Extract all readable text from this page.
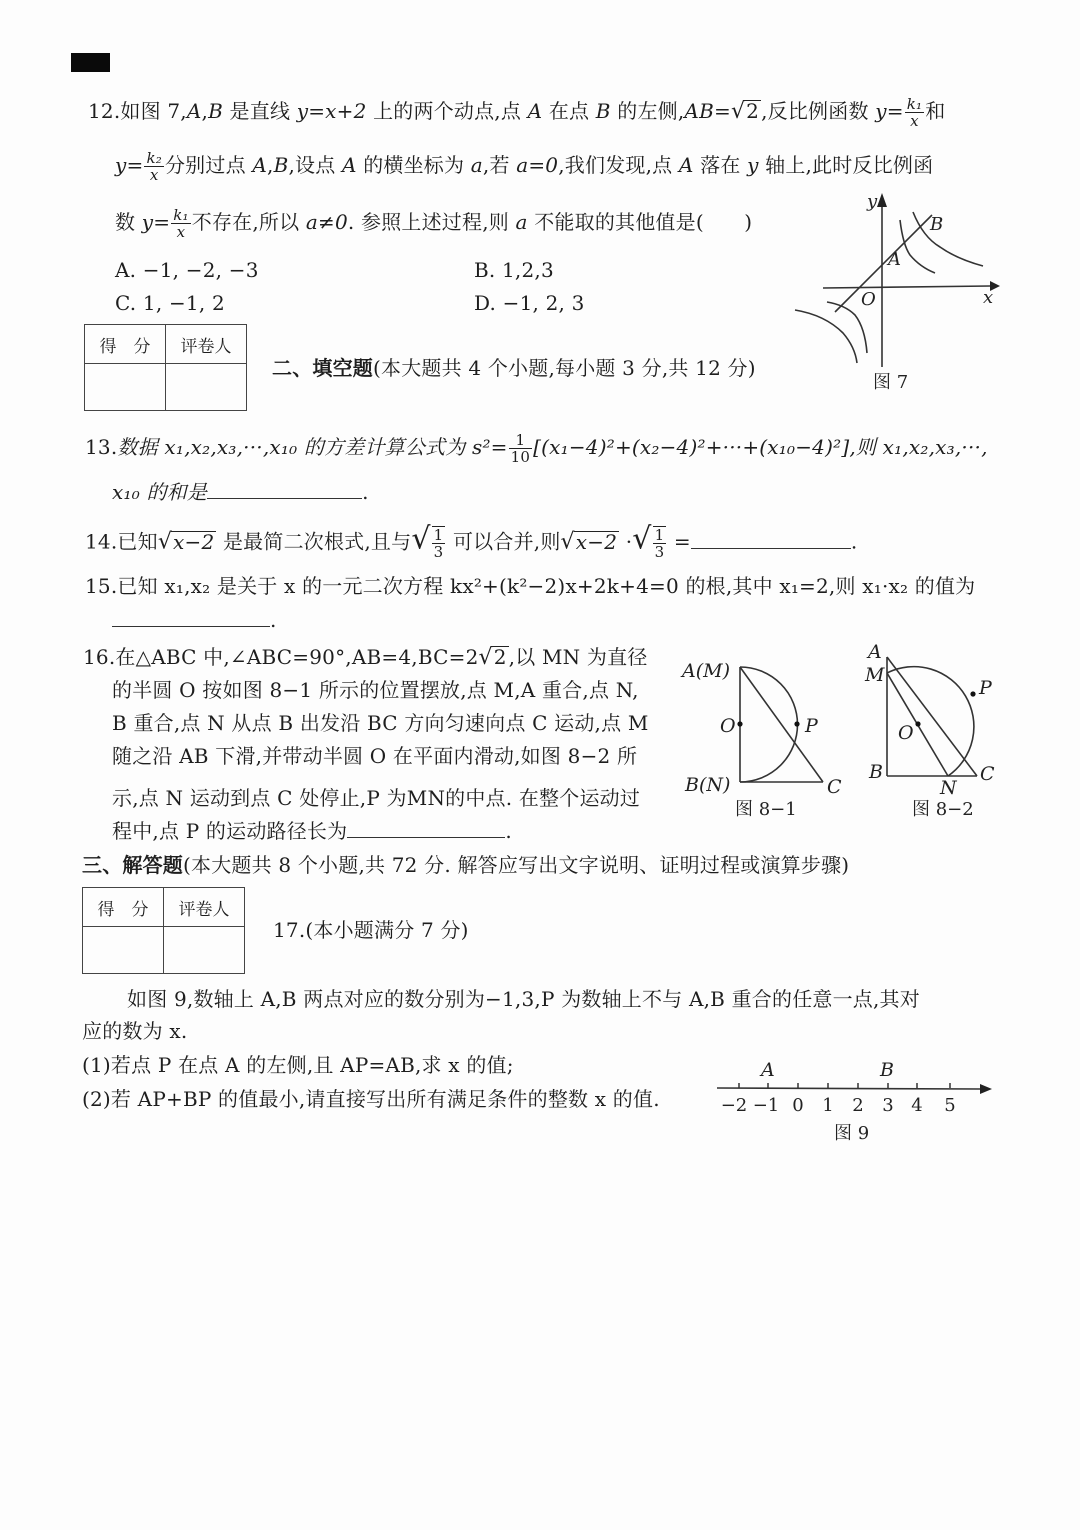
12.如图 7,A,B 是直线 y=x+2 上的两个动点,点 A 在点 B 的左侧,AB=√2 ,反比例函数 $y= \frac{\text{k₁}}{x}$ 和
$y= \frac{\text{k₂}}{x}$ 分别过点 A,B,设点 A 的横坐标为 a,若 a=0,我们发现,点 A 落在 y 轴上,此时反比例函
数 $y= \frac{\text{k₁}}{x}$ 不存在,所以 a≠0. 参照上述过程,则 a 不能取的其他值是(  )
A. −1, −2, −3	B. 1,2,3
C. 1, −1, 2	D. −1, 2, 3
y
x
O
A
B
图 7
得 分	评卷人

二、填空题(本大题共 4 个小题,每小题 3 分,共 12 分)
13.数据 x₁,x₂,x₃,···,x₁₀ 的方差计算公式为 $s^2= \frac{1}{10} [(x_1-4)^2+(x_2-4)^2+\cdot\cdot\cdot+(x_{10}-4)^2]$,则 x₁,x₂,x₃,···,
x₁₀ 的和是	.
14.已知√x−2 是最简二次根式,且与√ $\frac{1}{3}$ 可以合并,则√x−2 ·√ $\frac{1}{3}$ =	.
15.已知 x₁,x₂ 是关于 x 的一元二次方程 kx²+(k²−2)x+2k+4=0 的根,其中 x₁=2,则 x₁·x₂ 的值为
.
16.在△ABC 中,∠ABC=90°,AB=4,BC=2√2 ,以 MN 为直径
的半圆 O 按如图 8−1 所示的位置摆放,点 M,A 重合,点 N,
B 重合,点 N 从点 B 出发沿 BC 方向匀速向点 C 运动,点 M
随之沿 AB 下滑,并带动半圆 O 在平面内滑动,如图 8−2 所
示,点 N 运动到点 C 处停止,P 为MN的中点. 在整个运动过
程中,点 P 的运动路径长为	.
A(M)
O	P
B(N)	C
图 8−1
A
M
P
O
B
N
C
图 8−2
三、解答题(本大题共 8 个小题,共 72 分. 解答应写出文字说明、证明过程或演算步骤)
得 分	评卷人

17.(本小题满分 7 分)
如图 9,数轴上 A,B 两点对应的数分别为−1,3,P 为数轴上不与 A,B 重合的任意一点,其对
应的数为 x.
(1)若点 P 在点 A 的左侧,且 AP=AB,求 x 的值;
(2)若 AP+BP 的值最小,请直接写出所有满足条件的整数 x 的值.
A	B
−2 −1 0 1 2 3 4 5
图 9
